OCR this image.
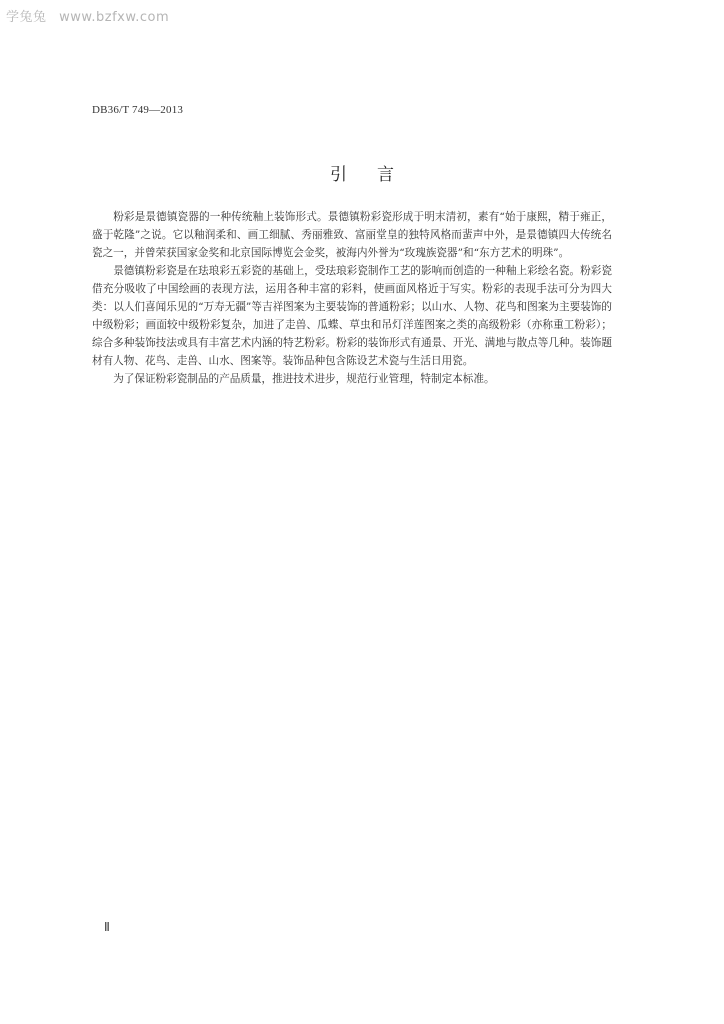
学兔兔 www.bzfxw.com
DB36/T 749—2013
引言

粉彩是景德镇瓷器的一种传统釉上装饰形式。景德镇粉彩瓷形成于明末清初，素有“始于康熙，精于雍正，盛于乾隆”之说。它以釉润柔和、画工细腻、秀丽雅致、富丽堂皇的独特风格而蜚声中外，是景德镇四大传统名瓷之一，并曾荣获国家金奖和北京国际博览会金奖，被海内外誉为“玫瑰族瓷器”和“东方艺术的明珠”。

景德镇粉彩瓷是在珐琅彩五彩瓷的基础上，受珐琅彩瓷制作工艺的影响而创造的一种釉上彩绘名瓷。粉彩瓷借充分吸收了中国绘画的表现方法，运用各种丰富的彩料，使画面风格近于写实。粉彩的表现手法可分为四大类：以人们喜闻乐见的“万寿无疆”等吉祥图案为主要装饰的普通粉彩；以山水、人物、花鸟和图案为主要装饰的中级粉彩；画面较中级粉彩复杂，加进了走兽、瓜蝶、草虫和吊灯洋莲图案之类的高级粉彩（亦称重工粉彩）；综合多种装饰技法或具有丰富艺术内涵的特艺粉彩。粉彩的装饰形式有通景、开光、满地与散点等几种。装饰题材有人物、花鸟、走兽、山水、图案等。装饰品种包含陈设艺术瓷与生活日用瓷。

为了保证粉彩瓷制品的产品质量，推进技术进步，规范行业管理，特制定本标准。

Ⅱ
